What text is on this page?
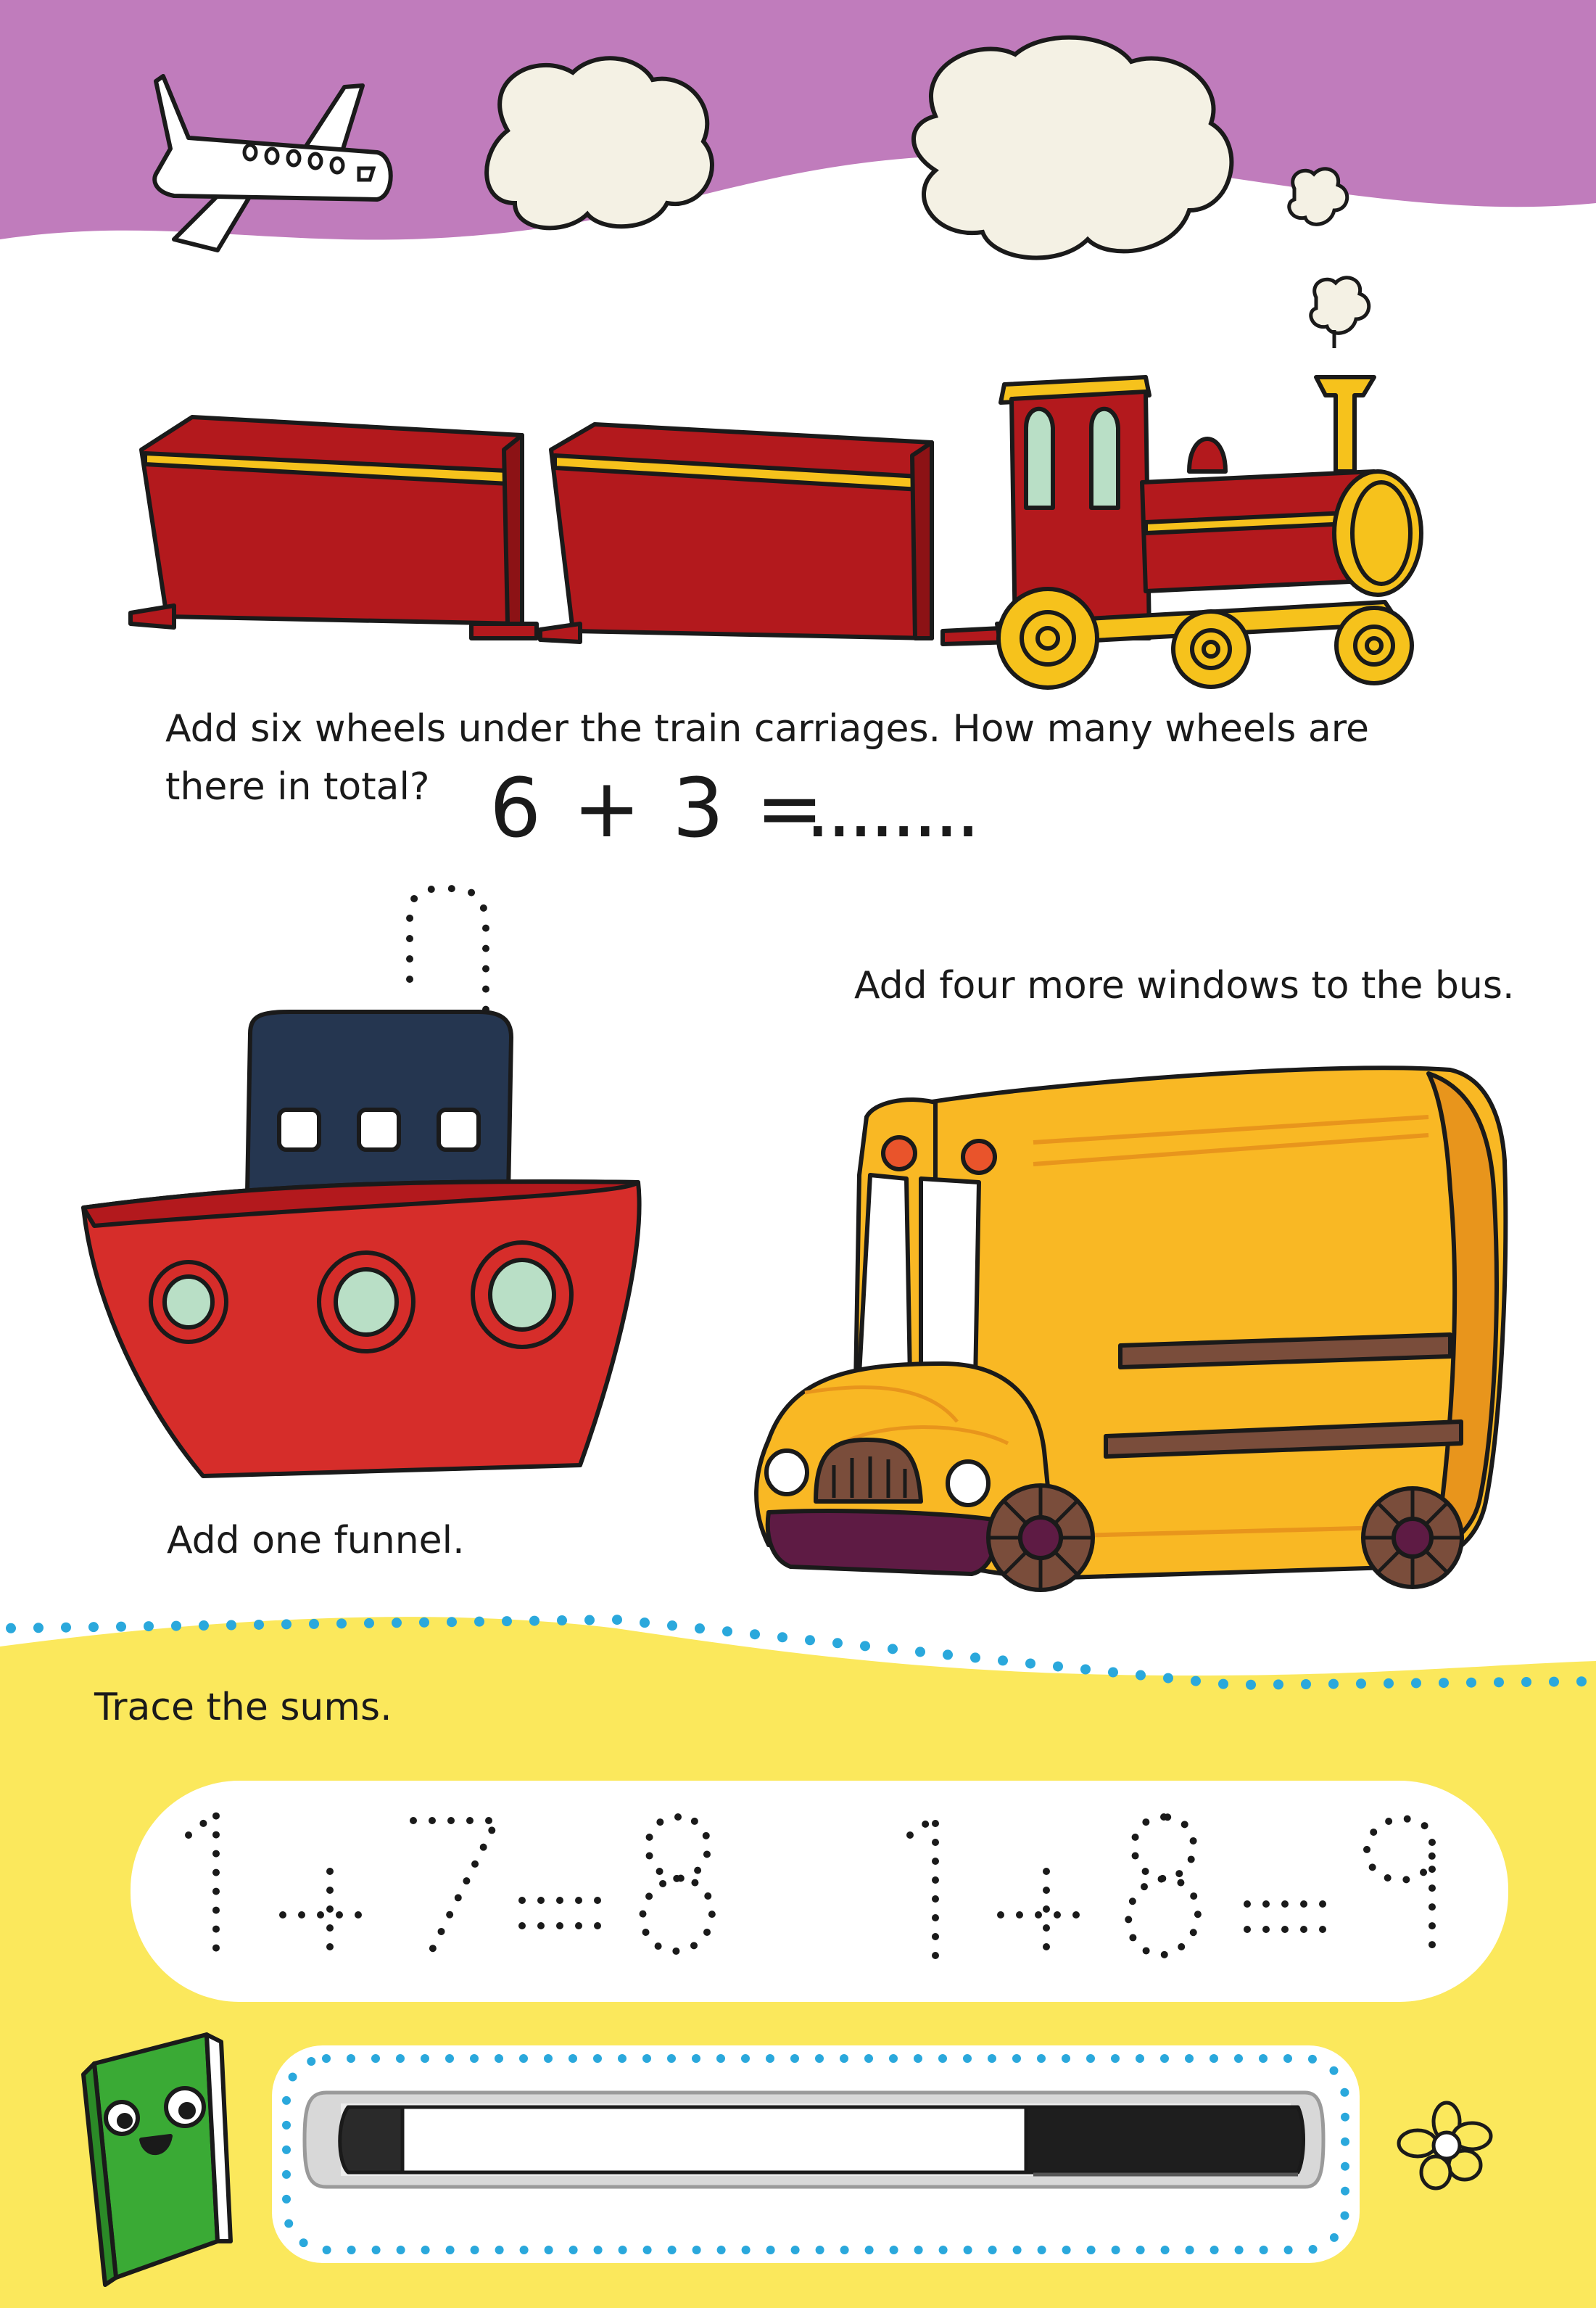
Add six wheels under the train carriages. How many wheels are
there in total? 6 + 3 =
........
Add four more windows to the bus.
Add one funnel.
Trace the sums.
